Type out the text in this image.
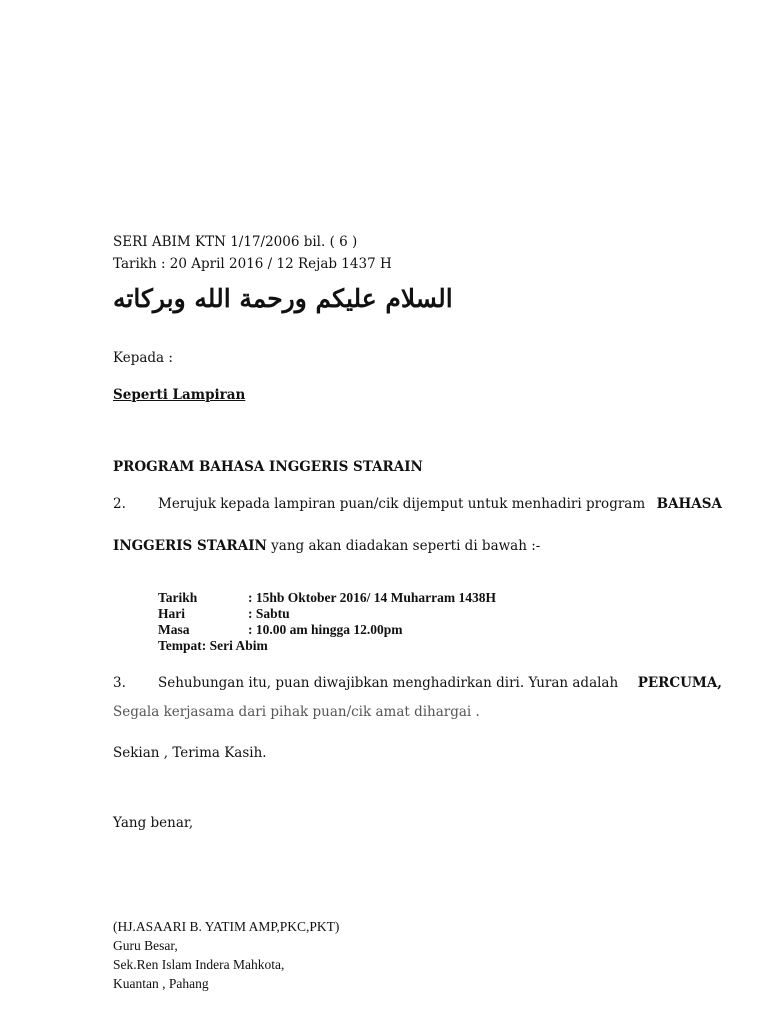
SERI ABIM KTN 1/17/2006 bil. ( 6 )
Tarikh : 20 April 2016 / 12 Rejab 1437 H
السلام عليكم ورحمة الله وبركاته
Kepada :
Seperti Lampiran
PROGRAM BAHASA INGGERIS STARAIN
2. Merujuk kepada lampiran puan/cik dijemput untuk menhadiri program BAHASA
INGGERIS STARAIN yang akan diadakan seperti di bawah :-
Tarikh	: 15hb Oktober 2016/ 14 Muharram 1438H
Hari	: Sabtu
Masa	: 10.00 am hingga 12.00pm
Tempat: Seri Abim
3. Sehubungan itu, puan diwajibkan menghadirkan diri. Yuran adalah PERCUMA,
Segala kerjasama dari pihak puan/cik amat dihargai .
Sekian , Terima Kasih.
Yang benar,
(HJ.ASAARI B. YATIM AMP,PKC,PKT)
Guru Besar,
Sek.Ren Islam Indera Mahkota,
Kuantan , Pahang
